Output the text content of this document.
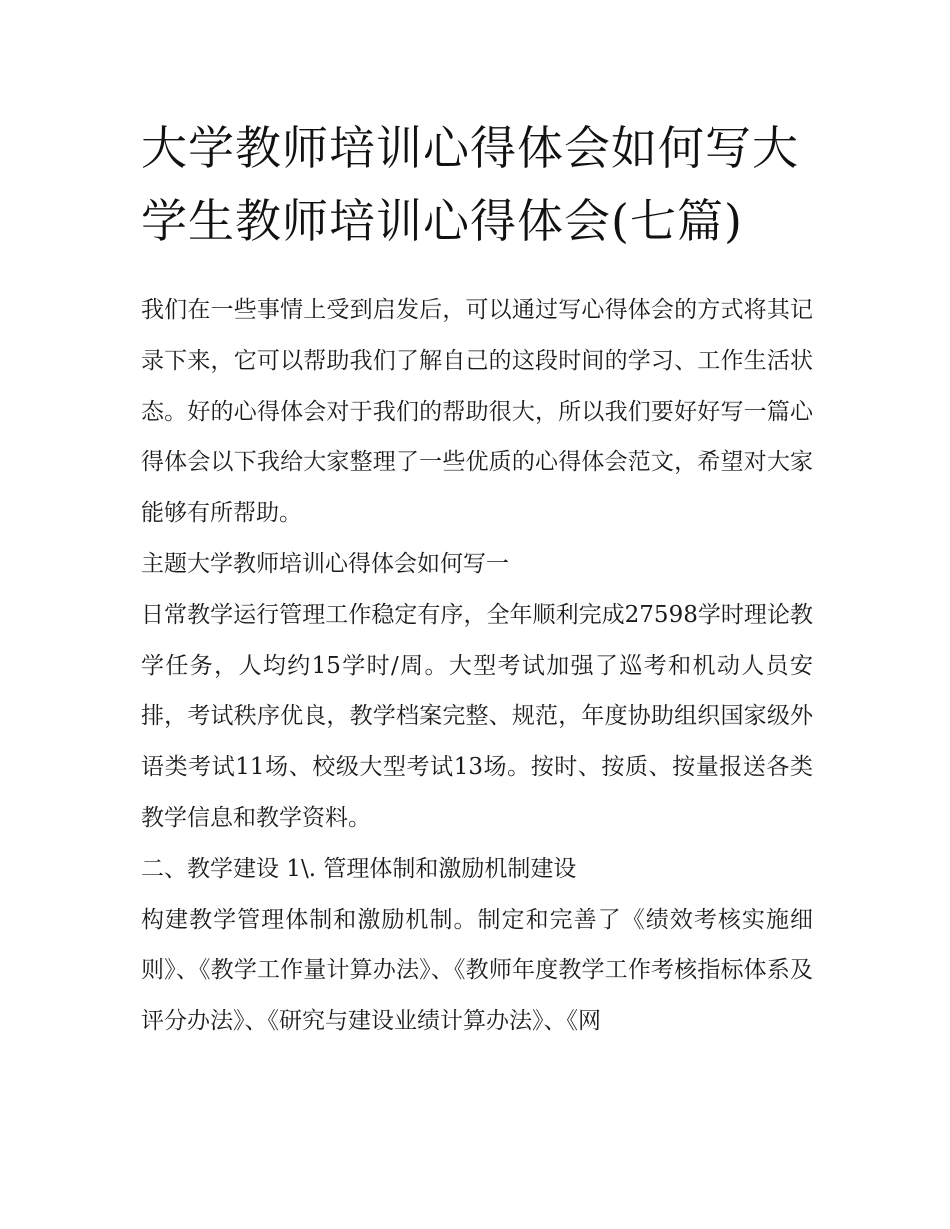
大学教师培训心得体会如何写大学生教师培训心得体会(七篇)

我们在一些事情上受到启发后，可以通过写心得体会的方式将其记录下来，它可以帮助我们了解自己的这段时间的学习、工作生活状态。好的心得体会对于我们的帮助很大，所以我们要好好写一篇心得体会以下我给大家整理了一些优质的心得体会范文，希望对大家能够有所帮助。

主题大学教师培训心得体会如何写一

日常教学运行管理工作稳定有序，全年顺利完成27598学时理论教学任务，人均约15学时/周。大型考试加强了巡考和机动人员安排，考试秩序优良，教学档案完整、规范，年度协助组织国家级外语类考试11场、校级大型考试13场。按时、按质、按量报送各类教学信息和教学资料。

二、教学建设 1\. 管理体制和激励机制建设

构建教学管理体制和激励机制。制定和完善了《绩效考核实施细则》、《教学工作量计算办法》、《教师年度教学工作考核指标体系及评分办法》、《研究与建设业绩计算办法》、《网
